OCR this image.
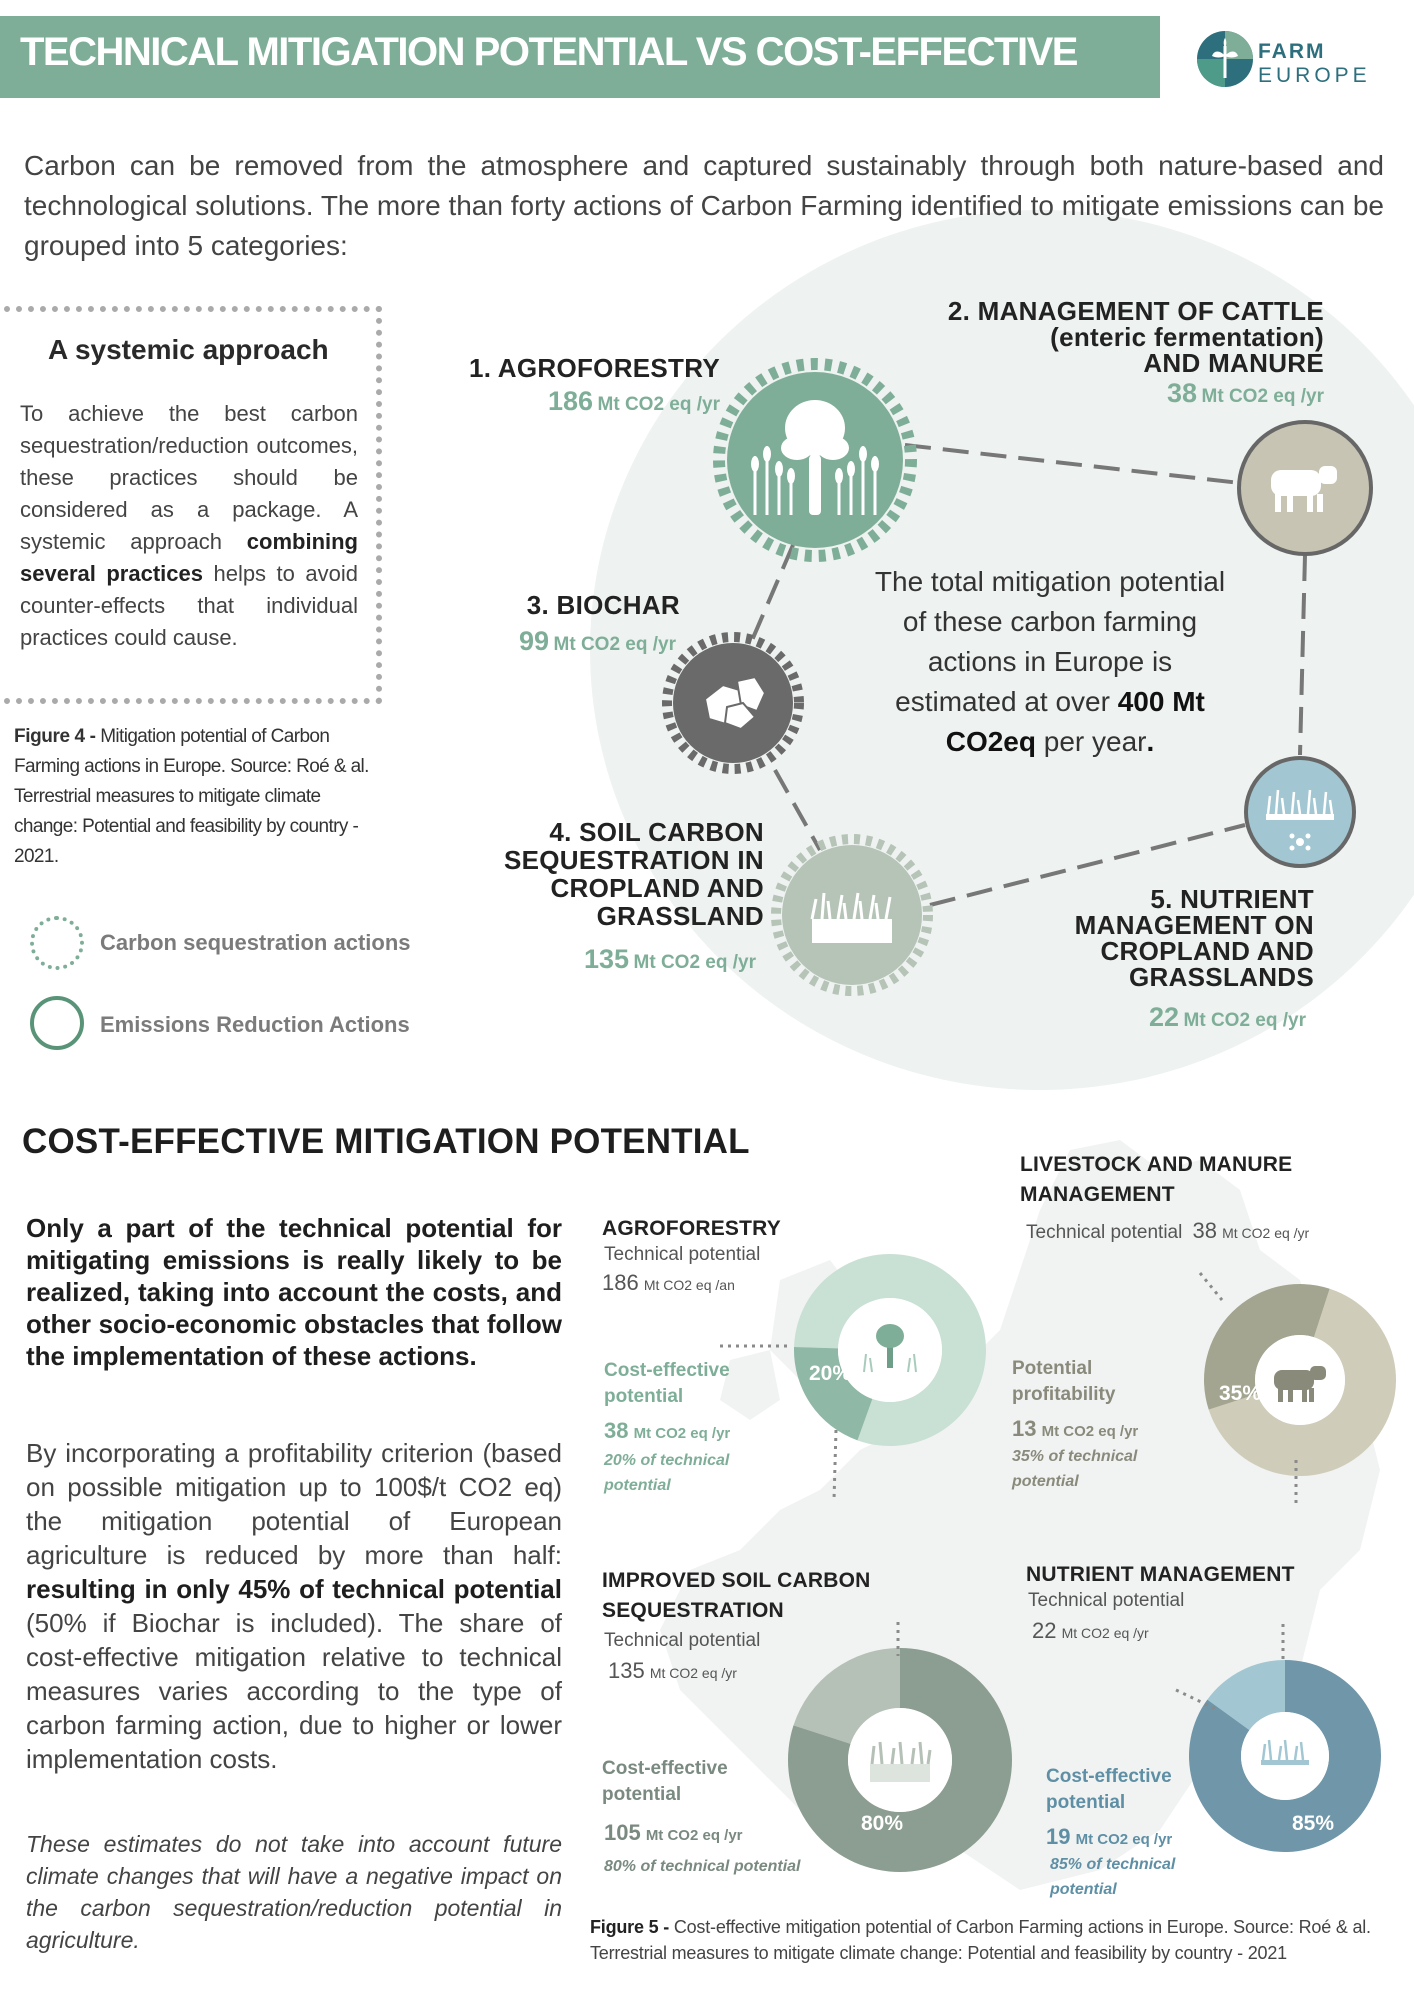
TECHNICAL MITIGATION POTENTIAL VS COST-EFFECTIVE	FARM
EUROPE
Carbon can be removed from the atmosphere and captured sustainably through both nature-based and technological solutions. The more than forty actions of Carbon Farming identified to mitigate emissions can be grouped into 5 categories:
A systemic approach
To achieve the best carbon sequestration/reduction outcomes, these practices should be considered as a package. A systemic approach combining several practices helps to avoid counter-effects that individual practices could cause.
Figure 4 - Mitigation potential of Carbon Farming actions in Europe. Source: Roé & al. Terrestrial measures to mitigate climate change: Potential and feasibility by country - 2021.
Carbon sequestration actions
Emissions Reduction Actions
1. AGROFORESTRY
186 Mt CO2 eq /yr
2. MANAGEMENT OF CATTLE
(enteric fermentation)
AND MANURE
38 Mt CO2 eq /yr
3. BIOCHAR
99 Mt CO2 eq /yr
4. SOIL CARBON
SEQUESTRATION IN
CROPLAND AND
GRASSLAND
135 Mt CO2 eq /yr
5. NUTRIENT
MANAGEMENT ON
CROPLAND AND
GRASSLANDS
22 Mt CO2 eq /yr
The total mitigation potential of these carbon farming actions in Europe is estimated at over 400 Mt CO2eq per year.
COST-EFFECTIVE MITIGATION POTENTIAL
Only a part of the technical potential for mitigating emissions is really likely to be realized, taking into account the costs, and other socio-economic obstacles that follow the implementation of these actions.
By incorporating a profitability criterion (based on possible mitigation up to 100$/t CO2 eq) the mitigation potential of European agriculture is reduced by more than half: resulting in only 45% of technical potential (50% if Biochar is included). The share of cost-effective mitigation relative to technical measures varies according to the type of carbon farming action, due to higher or lower implementation costs.
These estimates do not take into account future climate changes that will have a negative impact on the carbon sequestration/reduction potential in agriculture.
20%
35%
80%	85%
AGROFORESTRY
Technical potential
186 Mt CO2 eq /an
Cost-effective potential
38 Mt CO2 eq /yr
20% of technical potential
LIVESTOCK AND MANURE MANAGEMENT
Technical potential 38 Mt CO2 eq /yr
Potential profitability
13 Mt CO2 eq /yr
35% of technical potential
IMPROVED SOIL CARBON SEQUESTRATION
Technical potential
135 Mt CO2 eq /yr
Cost-effective potential
105 Mt CO2 eq /yr
80% of technical potential
NUTRIENT MANAGEMENT
Technical potential
22 Mt CO2 eq /yr
Cost-effective potential
19 Mt CO2 eq /yr
85% of technical potential
Figure 5 - Cost-effective mitigation potential of Carbon Farming actions in Europe. Source: Roé & al. Terrestrial measures to mitigate climate change: Potential and feasibility by country - 2021
